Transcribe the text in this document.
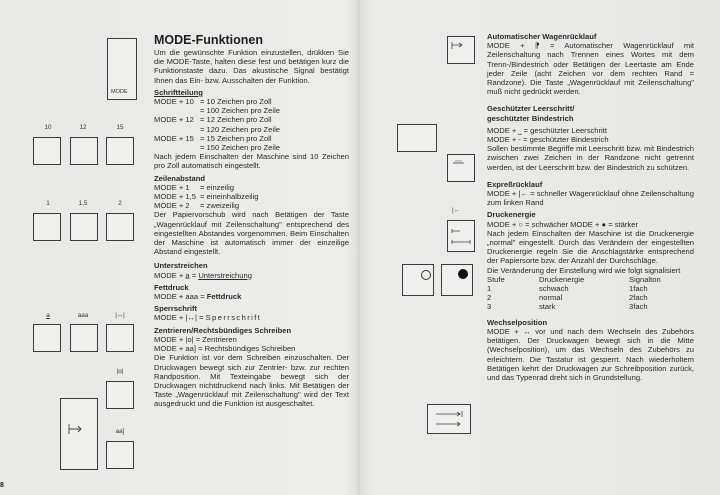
MODE
10	12	15
1	1,5	2
a	aaa	|↔|
|o|
aa]

MODE-Funktionen

Um die gewünschte Funktion einzustellen, drükken Sie die MODE-Taste, halten diese fest und betätigen kurz die Funktionstaste dazu. Das akustische Signal bestätigt Ihnen das Ein- bzw. Ausschalten der Funktion.

Schriftteilung

MODE + 10 = 10 Zeichen pro Zoll
= 100 Zeichen pro Zeile
MODE + 12 = 12 Zeichen pro Zoll
= 120 Zeichen pro Zeile
MODE + 15 = 15 Zeichen pro Zoll
= 150 Zeichen pro Zeile

Nach jedem Einschalten der Maschine sind 10 Zeichen pro Zoll automatisch eingestellt.

Zeilenabstand

MODE + 1	= einzeilig
MODE + 1,5 = eineinhalbzeilig
MODE + 2	= zweizeilig

Der Papiervorschub wird nach Betätigen der Taste „Wagenrücklauf mit Zeilenschaltung" entsprechend des eingestellten Abstandes vorgenommen. Beim Einschalten der Maschine ist automatisch immer der einzeilige Abstand eingestellt.

Unterstreichen

MODE + a̲ = Unterstreichung

Fettdruck

MODE + aaa = Fettdruck

Sperrschrift

MODE + |↔| = Sperrschrift

Zentrieren/Rechtsbündiges Schreiben

MODE + |o| = Zentrieren

MODE + aa] = Rechtsbündiges Schreiben

Die Funktion ist vor dem Schreiben einzuschalten. Der Druckwagen bewegt sich zur Zentrier- bzw. zur rechten Randposition. Mit Texteingabe bewegt sich der Druckwagen nichtdruckend nach links. Mit Betätigen der Taste „Wagenrücklauf mit Zeilenschaltung" wird der Text ausgedruckt und die Funktion ist ausgeschaltet.

|←

Automatischer Wagenrücklauf

MODE + ⁋ = Automatischer Wagenrücklauf mit Zeilenschaltung nach Trennen eines Wortes mit dem Trenn-/Bindestrich oder Betätigen der Leertaste am Ende jeder Zeile (acht Zeichen vor dem rechten Rand = Randzone). Die Taste „Wagenrücklauf mit Zeilenschaltung" muß nicht gedrückt werden.

Geschützter Leerschritt/

geschützter Bindestrich

MODE + ⎵ = geschützter Leerschritt

MODE + - = geschützter Bindestrich

Sollen bestimmte Begriffe mit Leerschritt bzw. mit Bindestrich zwischen zwei Zeichen in der Randzone nicht getrennt werden, ist der Leerschritt bzw. der Bindestrich zu schützen.

Expreßrücklauf

MODE + |← = schneller Wagenrücklauf ohne Zeilenschaltung zum linken Rand

Druckenergie

MODE + ○ = schwächer MODE + ● = stärker

Nach jedem Einschalten der Maschine ist die Druckenergie „normal" eingestellt. Durch das Verändern der eingestellten Druckenergie regeln Sie die Anschlagstärke entsprechend der Papiersorte bzw. der Anzahl der Durchschläge.

Die Veränderung der Einstellung wird wie folgt signalisiert

Stufe	Druckenergie	Signalton
1	schwach	1fach
2	normal	2fach
3	stark	3fach

Wechselposition

MODE + ↔ vor und nach dem Wechseln des Zubehörs betätigen. Der Druckwagen bewegt sich in die Mitte (Wechselposition), um das Wechseln des Zubehörs zu erleichtern. Die Tastatur ist gesperrt. Nach wiederholtem Betätigen kehrt der Druckwagen zur Schreibposition zurück, und das Typenrad dreht sich in Grundstellung.

8
